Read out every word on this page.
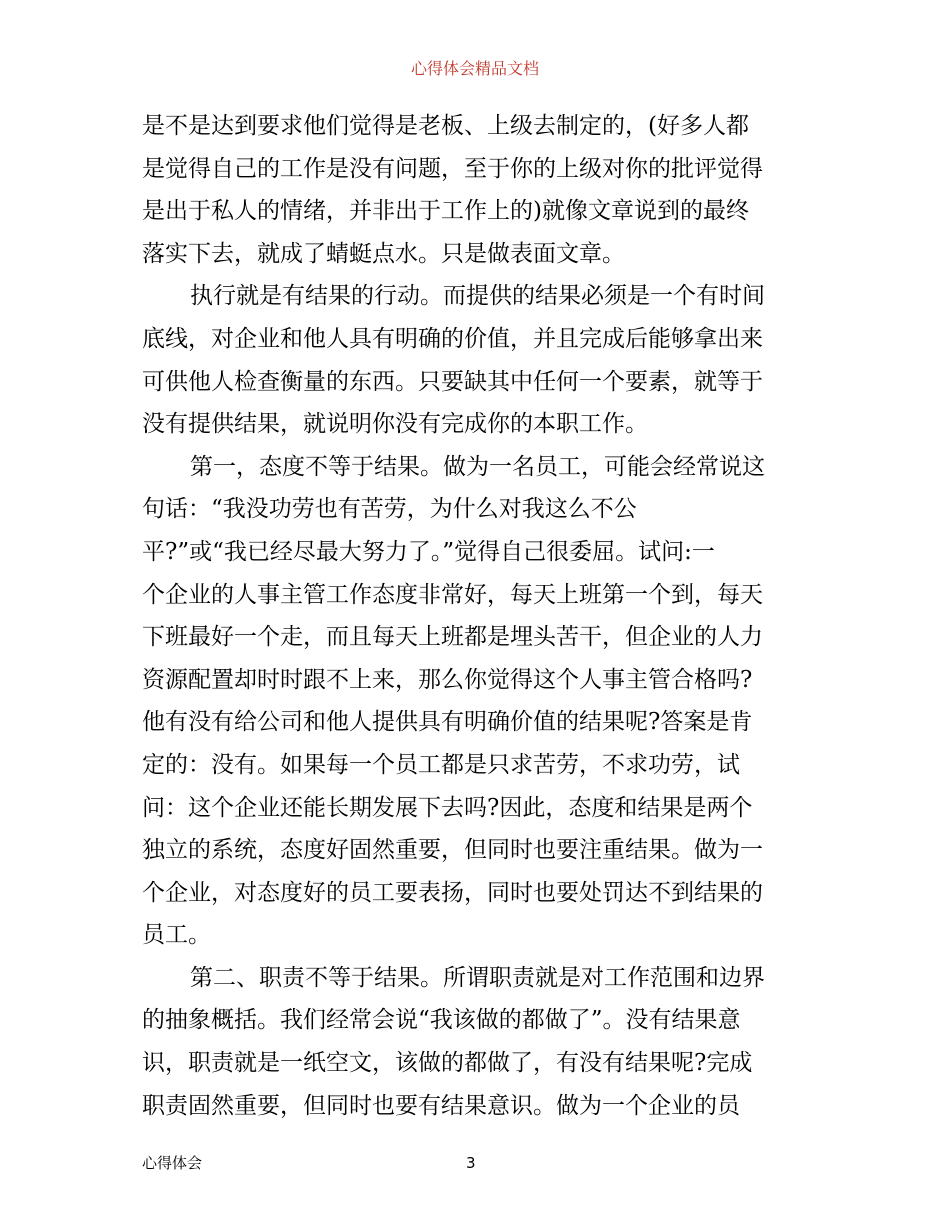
心得体会精品文档
是不是达到要求他们觉得是老板、上级去制定的，(好多人都
是觉得自己的工作是没有问题，至于你的上级对你的批评觉得
是出于私人的情绪，并非出于工作上的)就像文章说到的最终
落实下去，就成了蜻蜓点水。只是做表面文章。
执行就是有结果的行动。而提供的结果必须是一个有时间
底线，对企业和他人具有明确的价值，并且完成后能够拿出来
可供他人检查衡量的东西。只要缺其中任何一个要素，就等于
没有提供结果，就说明你没有完成你的本职工作。
第一，态度不等于结果。做为一名员工，可能会经常说这
句话：“我没功劳也有苦劳，为什么对我这么不公
平?”或“我已经尽最大努力了。”觉得自己很委屈。试问:一
个企业的人事主管工作态度非常好，每天上班第一个到，每天
下班最好一个走，而且每天上班都是埋头苦干，但企业的人力
资源配置却时时跟不上来，那么你觉得这个人事主管合格吗?
他有没有给公司和他人提供具有明确价值的结果呢?答案是肯
定的：没有。如果每一个员工都是只求苦劳，不求功劳，试
问：这个企业还能长期发展下去吗?因此，态度和结果是两个
独立的系统，态度好固然重要，但同时也要注重结果。做为一
个企业，对态度好的员工要表扬，同时也要处罚达不到结果的
员工。
第二、职责不等于结果。所谓职责就是对工作范围和边界
的抽象概括。我们经常会说“我该做的都做了”。没有结果意
识，职责就是一纸空文，该做的都做了，有没有结果呢?完成
职责固然重要，但同时也要有结果意识。做为一个企业的员
心得体会	3
